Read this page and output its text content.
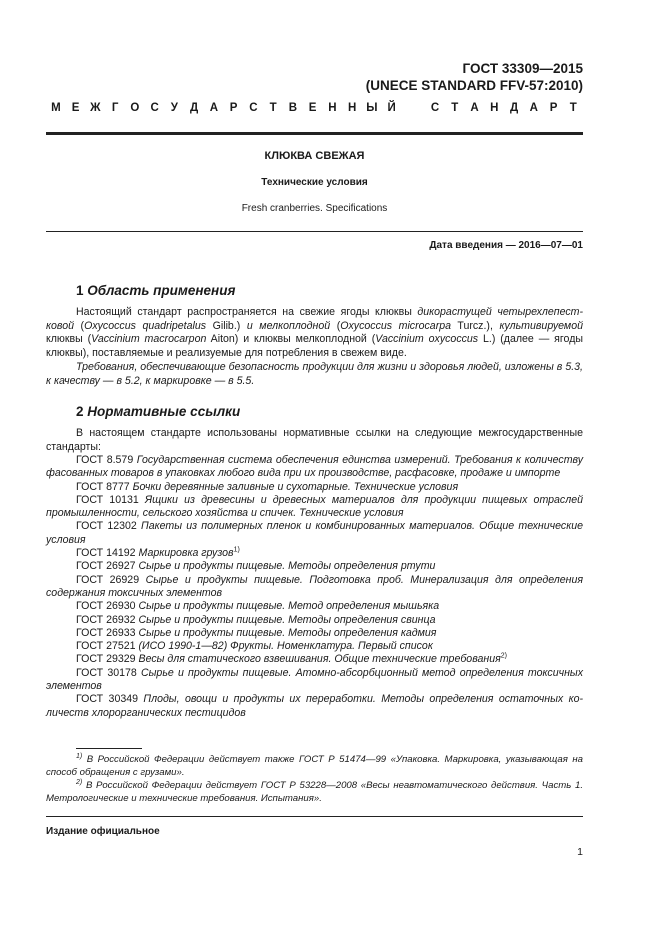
ГОСТ 33309—2015
(UNECE STANDARD FFV-57:2010)
М Е Ж Г	О С	У	Д	А	Р	С	Т	В	Е	Н Н Ы Й	С	Т	А Н Д	А	Р	Т
КЛЮКВА СВЕЖАЯ
Технические условия
Fresh cranberries. Specifications
Дата введения — 2016—07—01
1 Область применения
Настоящий стандарт распространяется на свежие ягоды клюквы дикорастущей четырехлепестковой (Oxycoccus quadripetalus Gilib.) и мелкоплодной (Oxycoccus microcarpa Turcz.), культивируемой клюквы (Vaccinium macrocarpon Aiton) и клюквы мелкоплодной (Vaccinium oxycoccus L.) (далее — ягоды клюквы), поставляемые и реализуемые для потребления в свежем виде.
Требования, обеспечивающие безопасность продукции для жизни и здоровья людей, изложены в 5.3, к качеству — в 5.2, к маркировке — в 5.5.
2 Нормативные ссылки
В настоящем стандарте использованы нормативные ссылки на следующие межгосударственные стандарты:
ГОСТ 8.579 Государственная система обеспечения единства измерений. Требования к количеству фасованных товаров в упаковках любого вида при их производстве, расфасовке, продаже и импорте
ГОСТ 8777 Бочки деревянные заливные и сухотарные. Технические условия
ГОСТ 10131 Ящики из древесины и древесных материалов для продукции пищевых отраслей промышленности, сельского хозяйства и спичек. Технические условия
ГОСТ 12302 Пакеты из полимерных пленок и комбинированных материалов. Общие технические условия
ГОСТ 14192 Маркировка грузов$^{1)}$
ГОСТ 26927 Сырье и продукты пищевые. Методы определения ртути
ГОСТ 26929 Сырье и продукты пищевые. Подготовка проб. Минерализация для определения содержания токсичных элементов
ГОСТ 26930 Сырье и продукты пищевые. Метод определения мышьяка
ГОСТ 26932 Сырье и продукты пищевые. Методы определения свинца
ГОСТ 26933 Сырье и продукты пищевые. Методы определения кадмия
ГОСТ 27521 (ИСО 1990-1—82) Фрукты. Номенклатура. Первый список
ГОСТ 29329 Весы для статического взвешивания. Общие технические требования$^{2)}$
ГОСТ 30178 Сырье и продукты пищевые. Атомно-абсорбционный метод определения токсичных элементов
ГОСТ 30349 Плоды, овощи и продукты их переработки. Методы определения остаточных количеств хлорорганических пестицидов
$^{1)}$ В Российской Федерации действует также ГОСТ Р 51474—99 «Упаковка. Маркировка, указывающая на способ обращения с грузами».
$^{2)}$ В Российской Федерации действует ГОСТ Р 53228—2008 «Весы неавтоматического действия. Часть 1. Метрологические и технические требования. Испытания».
Издание официальное
1
